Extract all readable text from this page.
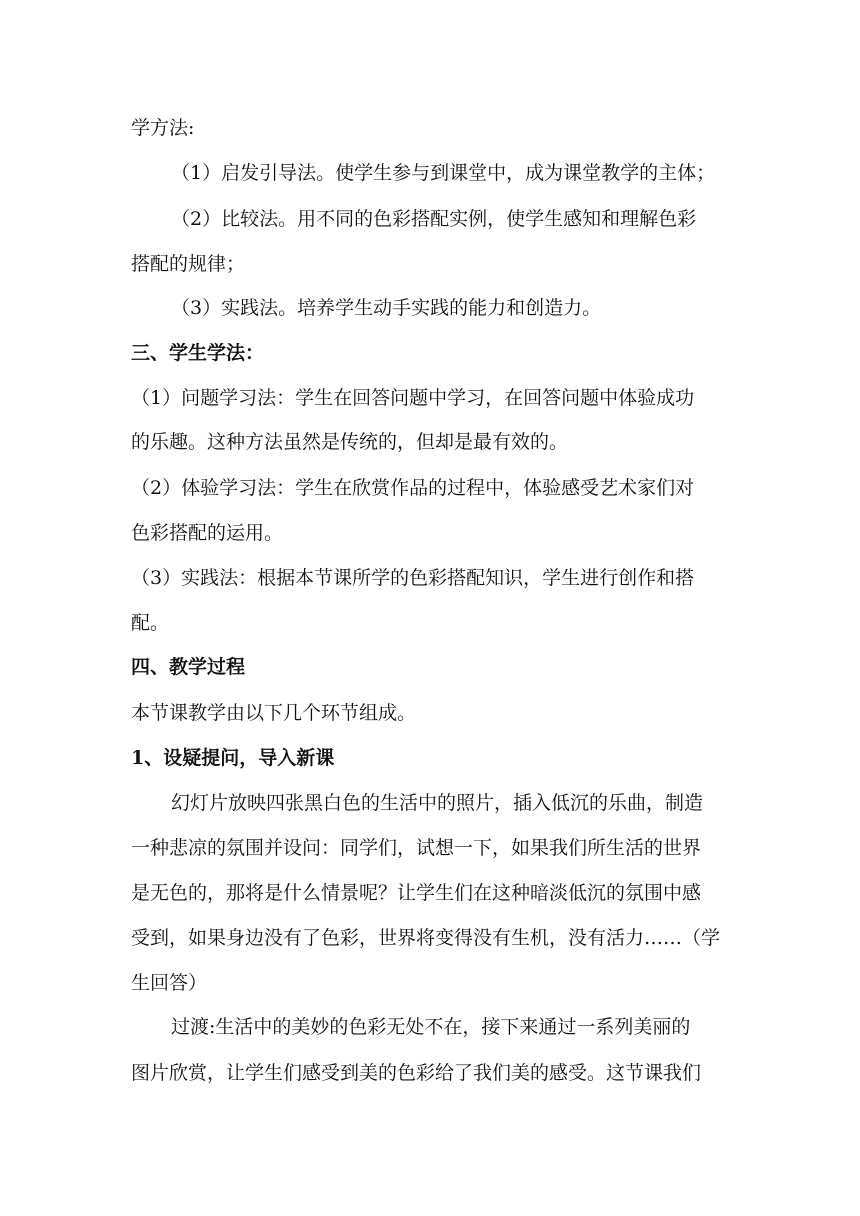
学方法:
（1）启发引导法。使学生参与到课堂中，成为课堂教学的主体；
（2）比较法。用不同的色彩搭配实例，使学生感知和理解色彩
搭配的规律；
（3）实践法。培养学生动手实践的能力和创造力。
三、学生学法：
（1）问题学习法：学生在回答问题中学习，在回答问题中体验成功
的乐趣。这种方法虽然是传统的，但却是最有效的。
（2）体验学习法：学生在欣赏作品的过程中，体验感受艺术家们对
色彩搭配的运用。
（3）实践法：根据本节课所学的色彩搭配知识，学生进行创作和搭
配。
四、教学过程
本节课教学由以下几个环节组成。
1、设疑提问，导入新课
幻灯片放映四张黑白色的生活中的照片，插入低沉的乐曲，制造
一种悲凉的氛围并设问：同学们，试想一下，如果我们所生活的世界
是无色的，那将是什么情景呢？让学生们在这种暗淡低沉的氛围中感
受到，如果身边没有了色彩，世界将变得没有生机，没有活力……（学
生回答）
过渡:生活中的美妙的色彩无处不在，接下来通过一系列美丽的
图片欣赏，让学生们感受到美的色彩给了我们美的感受。这节课我们
